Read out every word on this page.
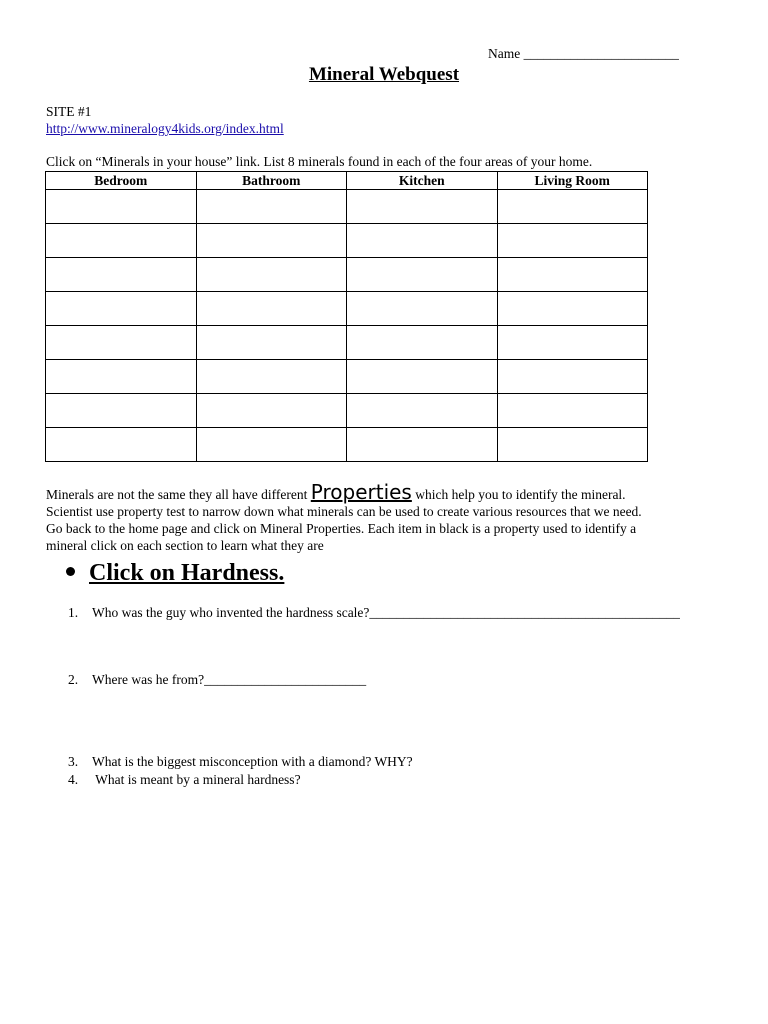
Name _______________________
Mineral Webquest
SITE #1
http://www.mineralogy4kids.org/index.html
Click on “Minerals in your house” link. List 8 minerals found in each of the four areas of your home.
Bedroom	Bathroom	Kitchen	Living Room

Minerals are not the same they all have different Properties which help you to identify the mineral.
Scientist use property test to narrow down what minerals can be used to create various resources that we need.
Go back to the home page and click on Mineral Properties. Each item in black is a property used to identify a
mineral click on each section to learn what they are
Click on Hardness.
1. Who was the guy who invented the hardness scale?______________________________________________
2. Where was he from?________________________
3. What is the biggest misconception with a diamond? WHY?
4. What is meant by a mineral hardness?
